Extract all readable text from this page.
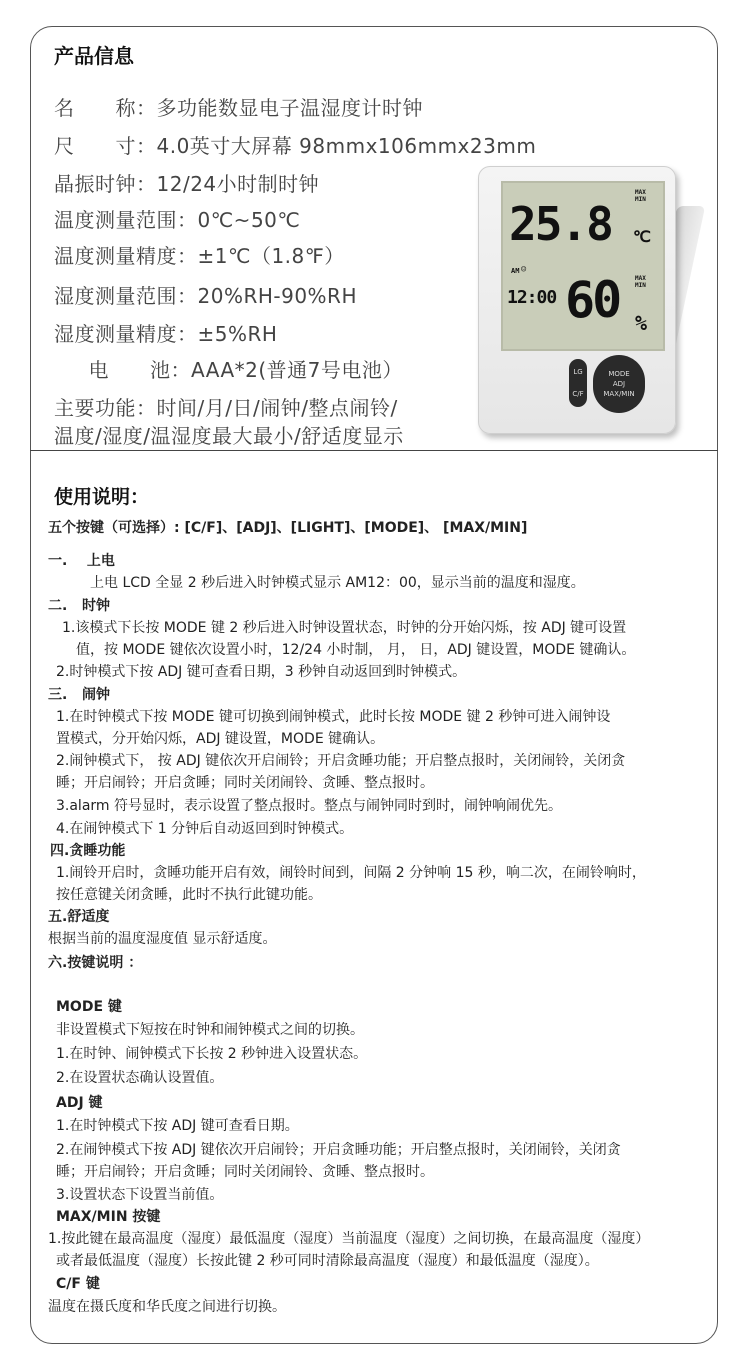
产品信息
名　　称：多功能数显电子温湿度计时钟
尺　　寸：4.0英寸大屏幕 98mmx106mmx23mm
晶振时钟：12/24小时制时钟
温度测量范围：0℃~50℃
温度测量精度：±1℃（1.8℉）
湿度测量范围：20%RH-90%RH
湿度测量精度：±5%RH
　电　　池：AAA*2(普通7号电池）
主要功能：时间/月/日/闹钟/整点闹铃/
温度/湿度/温湿度最大最小/舒适度显示
25.8
MAX MIN
℃
AM
12:00 60	MAX MIN
%
☺
LG
C/F
MODE
ADJ
MAX/MIN
使用说明：
五个按键（可选择）: [C/F]、[ADJ]、[LIGHT]、[MODE]、 [MAX/MIN]
一.    上电
上电 LCD 全显 2 秒后进入时钟模式显示 AM12：00，显示当前的温度和湿度。
二.   时钟
1.该模式下长按 MODE 键 2 秒后进入时钟设置状态，时钟的分开始闪烁，按 ADJ 键可设置
值，按 MODE 键依次设置小时，12/24 小时制， 月， 日，ADJ 键设置，MODE 键确认。
2.时钟模式下按 ADJ 键可查看日期，3 秒钟自动返回到时钟模式。
三.   闹钟
1.在时钟模式下按 MODE 键可切换到闹钟模式，此时长按 MODE 键 2 秒钟可进入闹钟设
置模式，分开始闪烁，ADJ 键设置，MODE 键确认。
2.闹钟模式下， 按 ADJ 键依次开启闹铃；开启贪睡功能；开启整点报时，关闭闹铃，关闭贪
睡；开启闹铃；开启贪睡；同时关闭闹铃、贪睡、整点报时。
3.alarm 符号显时，表示设置了整点报时。整点与闹钟同时到时，闹钟响闹优先。
4.在闹钟模式下 1 分钟后自动返回到时钟模式。
四.贪睡功能
1.闹铃开启时，贪睡功能开启有效，闹铃时间到，间隔 2 分钟响 15 秒，响二次，在闹铃响时，
按任意键关闭贪睡，此时不执行此键功能。
五.舒适度
根据当前的温度湿度值 显示舒适度。
六.按键说明 ：
MODE 键
非设置模式下短按在时钟和闹钟模式之间的切换。
1.在时钟、闹钟模式下长按 2 秒钟进入设置状态。
2.在设置状态确认设置值。
ADJ 键
1.在时钟模式下按 ADJ 键可查看日期。
2.在闹钟模式下按 ADJ 键依次开启闹铃；开启贪睡功能；开启整点报时，关闭闹铃，关闭贪
睡；开启闹铃；开启贪睡；同时关闭闹铃、贪睡、整点报时。
3.设置状态下设置当前值。
MAX/MIN 按键
1.按此键在最高温度（湿度）最低温度（湿度）当前温度（湿度）之间切换，在最高温度（湿度）
或者最低温度（湿度）长按此键 2 秒可同时清除最高温度（湿度）和最低温度（湿度）。
C/F 键
温度在摄氏度和华氏度之间进行切换。
